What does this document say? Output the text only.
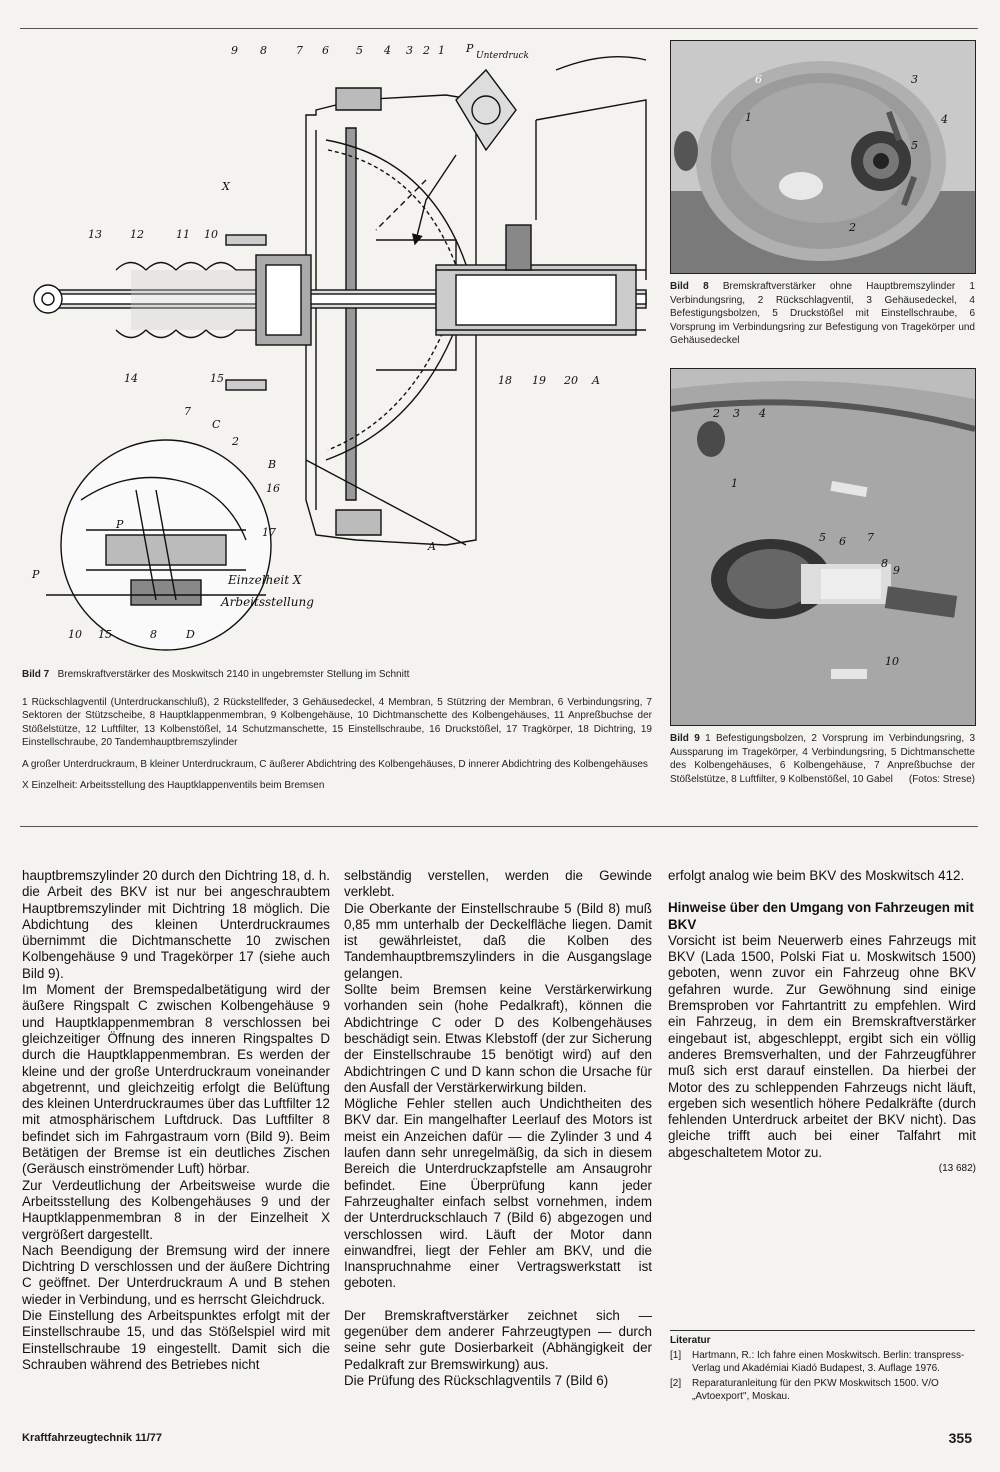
9 8	7 6 5 4 3 2 1 P
Unterdruck
X
13	12	11 10
14	15
B
16
17
18 19 20 A
A
7
C
2
P
P
10 15	8	D
Einzelheit X
Arbeitsstellung
6
1
3
4
5
2
Bild 8 Bremskraftverstärker ohne Hauptbremszylinder 1 Verbindungsring, 2 Rückschlagventil, 3 Gehäusedeckel, 4 Befestigungsbolzen, 5 Druckstößel mit Einstellschraube, 6 Vorsprung im Verbindungsring zur Befestigung von Tragekörper und Gehäusedeckel
2 3 4
1
5 6 7
8
9
10
Bild 9 1 Befestigungsbolzen, 2 Vorsprung im Verbindungsring, 3 Aussparung im Tragekörper, 4 Verbindungsring, 5 Dichtmanschette des Kolbengehäuses, 6 Kolbengehäuse, 7 Anpreßbuchse der Stößelstütze, 8 Luftfilter, 9 Kolbenstößel, 10 Gabel (Fotos: Strese)
Bild 7 Bremskraftverstärker des Moskwitsch 2140 in ungebremster Stellung im Schnitt
1 Rückschlagventil (Unterdruckanschluß), 2 Rückstellfeder, 3 Gehäusedeckel, 4 Membran, 5 Stützring der Membran, 6 Verbindungsring, 7 Sektoren der Stützscheibe, 8 Hauptklappenmembran, 9 Kolbengehäuse, 10 Dichtmanschette des Kolbengehäuses, 11 Anpreßbuchse der Stößelstütze, 12 Luftfilter, 13 Kolbenstößel, 14 Schutzmanschette, 15 Einstellschraube, 16 Druckstößel, 17 Tragkörper, 18 Dichtring, 19 Einstellschraube, 20 Tandemhauptbremszylinder
A großer Unterdruckraum, B kleiner Unterdruckraum, C äußerer Abdichtring des Kolbengehäuses, D innerer Abdichtring des Kolbengehäuses
X Einzelheit: Arbeitsstellung des Hauptklappenventils beim Bremsen

hauptbremszylinder 20 durch den Dichtring 18, d. h. die Arbeit des BKV ist nur bei angeschraubtem Hauptbremszylinder mit Dichtring 18 möglich. Die Abdichtung des kleinen Unterdruckraumes übernimmt die Dichtmanschette 10 zwischen Kolbengehäuse 9 und Tragekörper 17 (siehe auch Bild 9).

Im Moment der Bremspedalbetätigung wird der äußere Ringspalt C zwischen Kolbengehäuse 9 und Hauptklappenmembran 8 verschlossen bei gleichzeitiger Öffnung des inneren Ringspaltes D durch die Hauptklappenmembran. Es werden der kleine und der große Unterdruckraum voneinander abgetrennt, und gleichzeitig erfolgt die Belüftung des kleinen Unterdruckraumes über das Luftfilter 12 mit atmosphärischem Luftdruck. Das Luftfilter 8 befindet sich im Fahrgastraum vorn (Bild 9). Beim Betätigen der Bremse ist ein deutliches Zischen (Geräusch einströmender Luft) hörbar.

Zur Verdeutlichung der Arbeitsweise wurde die Arbeitsstellung des Kolbengehäuses 9 und der Hauptklappenmembran 8 in der Einzelheit X vergrößert dargestellt.

Nach Beendigung der Bremsung wird der innere Dichtring D verschlossen und der äußere Dichtring C geöffnet. Der Unterdruckraum A und B stehen wieder in Verbindung, und es herrscht Gleichdruck.

Die Einstellung des Arbeitspunktes erfolgt mit der Einstellschraube 15, und das Stößelspiel wird mit Einstellschraube 19 eingestellt. Damit sich die Schrauben während des Betriebes nicht

selbständig verstellen, werden die Gewinde verklebt.

Die Oberkante der Einstellschraube 5 (Bild 8) muß 0,85 mm unterhalb der Deckelfläche liegen. Damit ist gewährleistet, daß die Kolben des Tandemhauptbremszylinders in die Ausgangslage gelangen.

Sollte beim Bremsen keine Verstärkerwirkung vorhanden sein (hohe Pedalkraft), können die Abdichtringe C oder D des Kolbengehäuses beschädigt sein. Etwas Klebstoff (der zur Sicherung der Einstellschraube 15 benötigt wird) auf den Abdichtringen C und D kann schon die Ursache für den Ausfall der Verstärkerwirkung bilden.

Mögliche Fehler stellen auch Undichtheiten des BKV dar. Ein mangelhafter Leerlauf des Motors ist meist ein Anzeichen dafür — die Zylinder 3 und 4 laufen dann sehr unregelmäßig, da sich in diesem Bereich die Unterdruckzapfstelle am Ansaugrohr befindet. Eine Überprüfung kann jeder Fahrzeughalter einfach selbst vornehmen, indem der Unterdruckschlauch 7 (Bild 6) abgezogen und verschlossen wird. Läuft der Motor dann einwandfrei, liegt der Fehler am BKV, und die Inanspruchnahme einer Vertragswerkstatt ist geboten.

Der Bremskraftverstärker zeichnet sich — gegenüber dem anderer Fahrzeugtypen — durch seine sehr gute Dosierbarkeit (Abhängigkeit der Pedalkraft zur Bremswirkung) aus.

Die Prüfung des Rückschlagventils 7 (Bild 6)

erfolgt analog wie beim BKV des Moskwitsch 412.

Hinweise über den Umgang von Fahrzeugen mit BKV

Vorsicht ist beim Neuerwerb eines Fahrzeugs mit BKV (Lada 1500, Polski Fiat u. Moskwitsch 1500) geboten, wenn zuvor ein Fahrzeug ohne BKV gefahren wurde. Zur Gewöhnung sind einige Bremsproben vor Fahrtantritt zu empfehlen. Wird ein Fahrzeug, in dem ein Bremskraftverstärker eingebaut ist, abgeschleppt, ergibt sich ein völlig anderes Bremsverhalten, und der Fahrzeugführer muß sich erst darauf einstellen. Da hierbei der Motor des zu schleppenden Fahrzeugs nicht läuft, ergeben sich wesentlich höhere Pedalkräfte (durch fehlenden Unterdruck arbeitet der BKV nicht). Das gleiche trifft auch bei einer Talfahrt mit abgeschaltetem Motor zu.

(13 682)

Literatur
[1]	Hartmann, R.: Ich fahre einen Moskwitsch. Berlin: transpress-Verlag und Akadémiai Kiadó Budapest, 3. Auflage 1976.
[2]	Reparaturanleitung für den PKW Moskwitsch 1500. V/O „Avtoexport", Moskau.
Kraftfahrzeugtechnik 11/77	355
